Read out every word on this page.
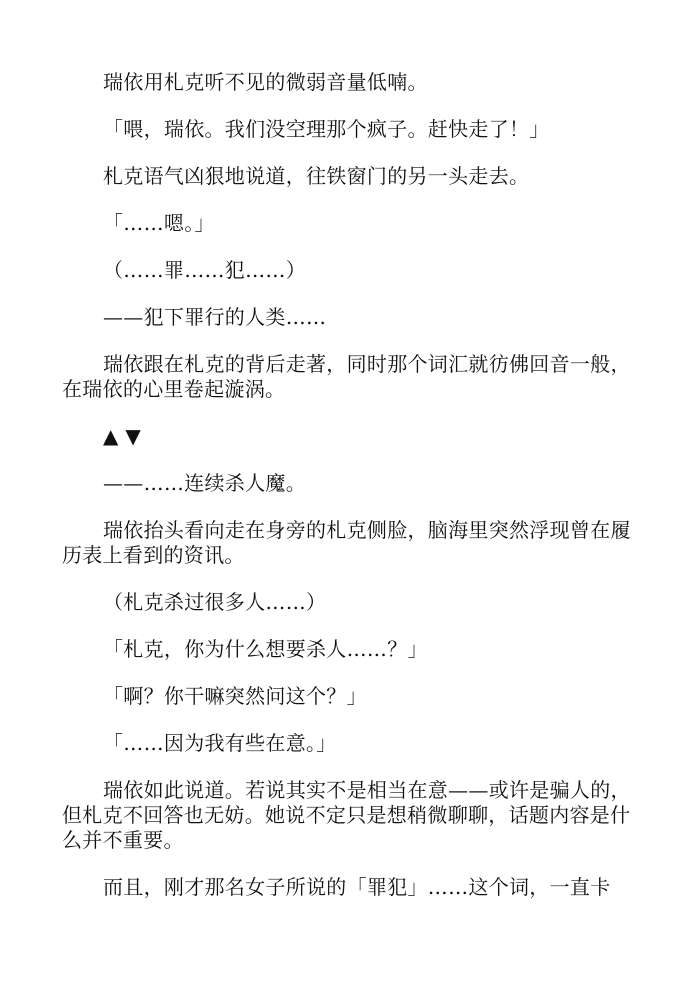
瑞依用札克听不见的微弱音量低喃。

「喂，瑞依。我们没空理那个疯子。赶快走了！」

札克语气凶狠地说道，往铁窗门的另一头走去。

「……嗯。」

（……罪……犯……）

——犯下罪行的人类……

瑞依跟在札克的背后走著，同时那个词汇就彷佛回音一般，在瑞依的心里卷起漩涡。

▲ ▼

——……连续杀人魔。

瑞依抬头看向走在身旁的札克侧脸，脑海里突然浮现曾在履历表上看到的资讯。

（札克杀过很多人……）

「札克，你为什么想要杀人……？」

「啊？你干嘛突然问这个？」

「……因为我有些在意。」

瑞依如此说道。若说其实不是相当在意——或许是骗人的，但札克不回答也无妨。她说不定只是想稍微聊聊，话题内容是什么并不重要。

而且，刚才那名女子所说的「罪犯」……这个词，一直卡
